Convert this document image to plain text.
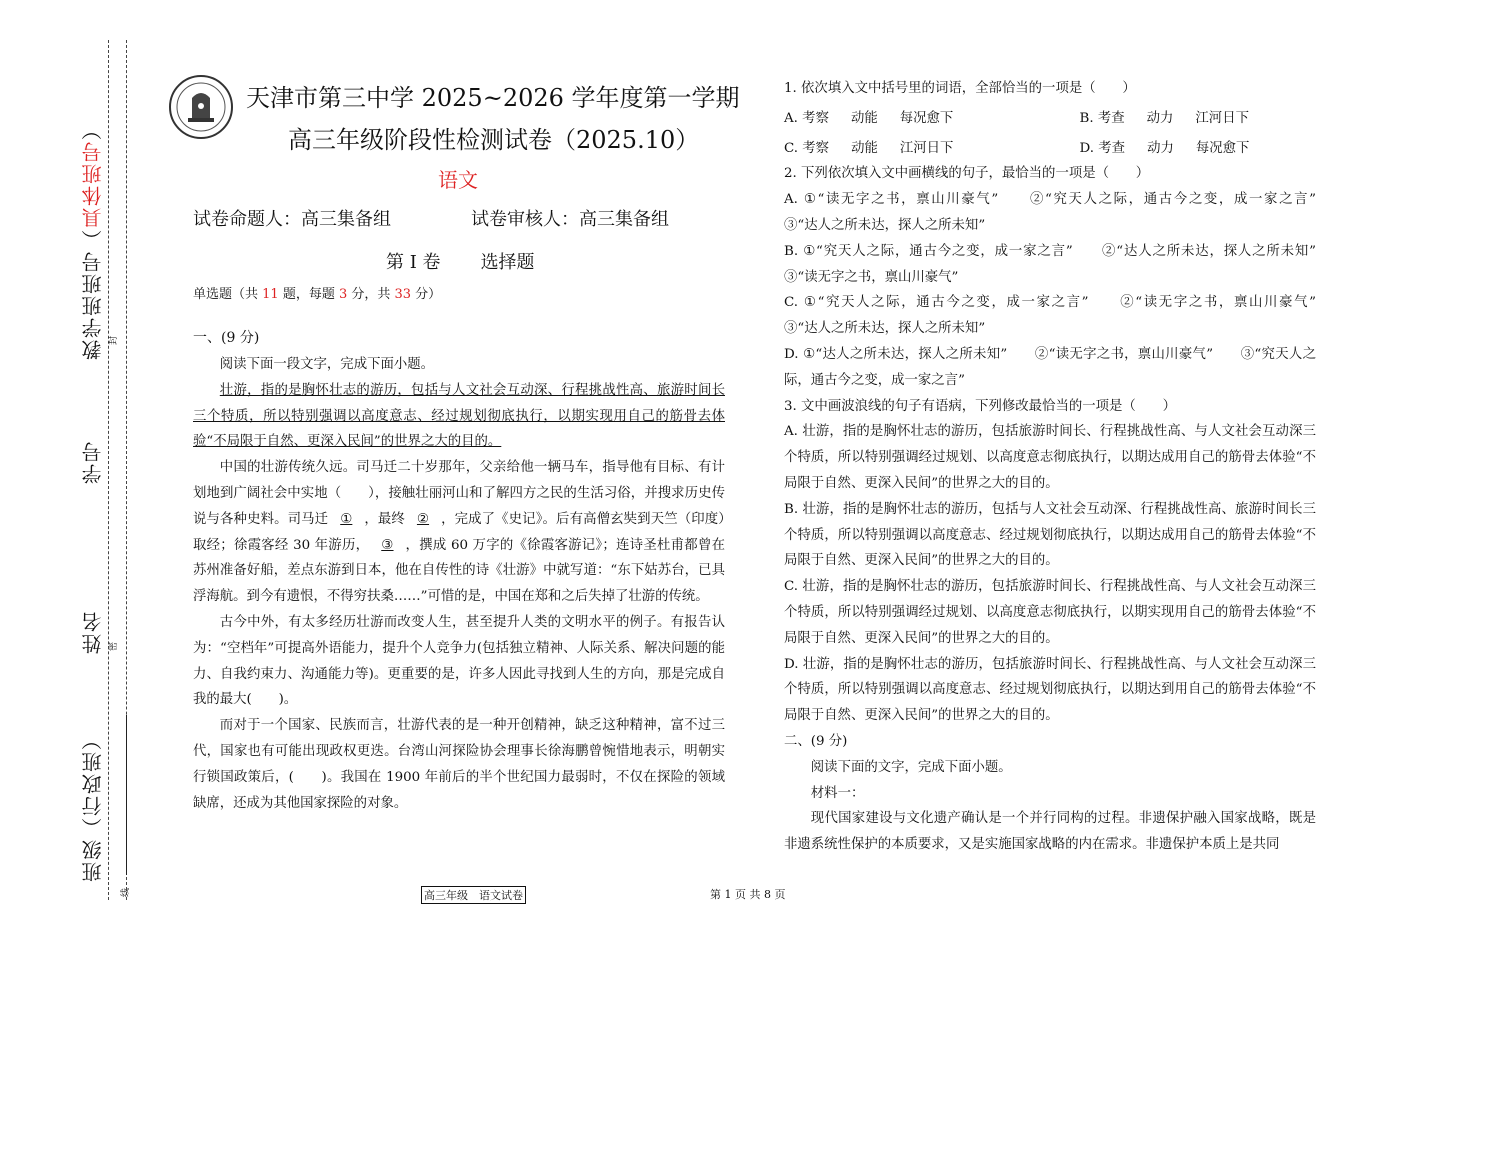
教学班班号（具体班号）
学号
姓名
班级（行政班）
封
密
线
天津市第三中学 2025~2026 学年度第一学期
高三年级阶段性检测试卷（2025.10）
语文
试卷命题人：高三集备组	试卷审核人：高三集备组
第 I 卷 选择题
单选题（共 11 题，每题 3 分，共 33 分）
一、(9 分)

阅读下面一段文字，完成下面小题。

壮游，指的是胸怀壮志的游历，包括与人文社会互动深、行程挑战性高、旅游时间长三个特质，所以特别强调以高度意志、经过规划彻底执行，以期实现用自己的筋骨去体验“不局限于自然、更深入民间”的世界之大的目的。

中国的壮游传统久远。司马迁二十岁那年，父亲给他一辆马车，指导他有目标、有计划地到广阔社会中实地（　　），接触壮丽河山和了解四方之民的生活习俗，并搜求历史传说与各种史料。司马迁 ① ，最终 ② ，完成了《史记》。后有高僧玄奘到天竺（印度）取经；徐霞客经 30 年游历， ③ ，撰成 60 万字的《徐霞客游记》；连诗圣杜甫都曾在苏州准备好船，差点东游到日本，他在自传性的诗《壮游》中就写道：“东下姑苏台，已具浮海航。到今有遗恨，不得穷扶桑……”可惜的是，中国在郑和之后失掉了壮游的传统。

古今中外，有太多经历壮游而改变人生，甚至提升人类的文明水平的例子。有报告认为：“空档年”可提高外语能力，提升个人竞争力(包括独立精神、人际关系、解决问题的能力、自我约束力、沟通能力等)。更重要的是，许多人因此寻找到人生的方向，那是完成自我的最大(　　)。

而对于一个国家、民族而言，壮游代表的是一种开创精神，缺乏这种精神，富不过三代，国家也有可能出现政权更迭。台湾山河探险协会理事长徐海鹏曾惋惜地表示，明朝实行锁国政策后，(　　)。我国在 1900 年前后的半个世纪国力最弱时，不仅在探险的领域缺席，还成为其他国家探险的对象。

1. 依次填入文中括号里的词语，全部恰当的一项是（　　）

A. 考察 动能 每况愈下	B. 考查 动力 江河日下
C. 考察 动能 江河日下	D. 考查 动力 每况愈下

2. 下列依次填入文中画横线的句子，最恰当的一项是（　　）

A. ①“读无字之书，禀山川豪气”　　②“究天人之际，通古今之变，成一家之言”　　③“达人之所未达，探人之所未知”

B. ①“究天人之际，通古今之变，成一家之言”　　②“达人之所未达，探人之所未知”　③“读无字之书，禀山川豪气”

C. ①“究天人之际，通古今之变，成一家之言”　　②“读无字之书，禀山川豪气”　　③“达人之所未达，探人之所未知”

D. ①“达人之所未达，探人之所未知”　　②“读无字之书，禀山川豪气”　　③“究天人之际，通古今之变，成一家之言”

3. 文中画波浪线的句子有语病，下列修改最恰当的一项是（　　）

A. 壮游，指的是胸怀壮志的游历，包括旅游时间长、行程挑战性高、与人文社会互动深三个特质，所以特别强调经过规划、以高度意志彻底执行，以期达成用自己的筋骨去体验“不局限于自然、更深入民间”的世界之大的目的。

B. 壮游，指的是胸怀壮志的游历，包括与人文社会互动深、行程挑战性高、旅游时间长三个特质，所以特别强调以高度意志、经过规划彻底执行，以期达成用自己的筋骨去体验“不局限于自然、更深入民间”的世界之大的目的。

C. 壮游，指的是胸怀壮志的游历，包括旅游时间长、行程挑战性高、与人文社会互动深三个特质，所以特别强调经过规划、以高度意志彻底执行，以期实现用自己的筋骨去体验“不局限于自然、更深入民间”的世界之大的目的。

D. 壮游，指的是胸怀壮志的游历，包括旅游时间长、行程挑战性高、与人文社会互动深三个特质，所以特别强调以高度意志、经过规划彻底执行，以期达到用自己的筋骨去体验“不局限于自然、更深入民间”的世界之大的目的。

二、(9 分)

阅读下面的文字，完成下面小题。

材料一：

现代国家建设与文化遗产确认是一个并行同构的过程。非遗保护融入国家战略，既是非遗系统性保护的本质要求，又是实施国家战略的内在需求。非遗保护本质上是共同

高三年级　语文试卷	第 1 页 共 8 页
